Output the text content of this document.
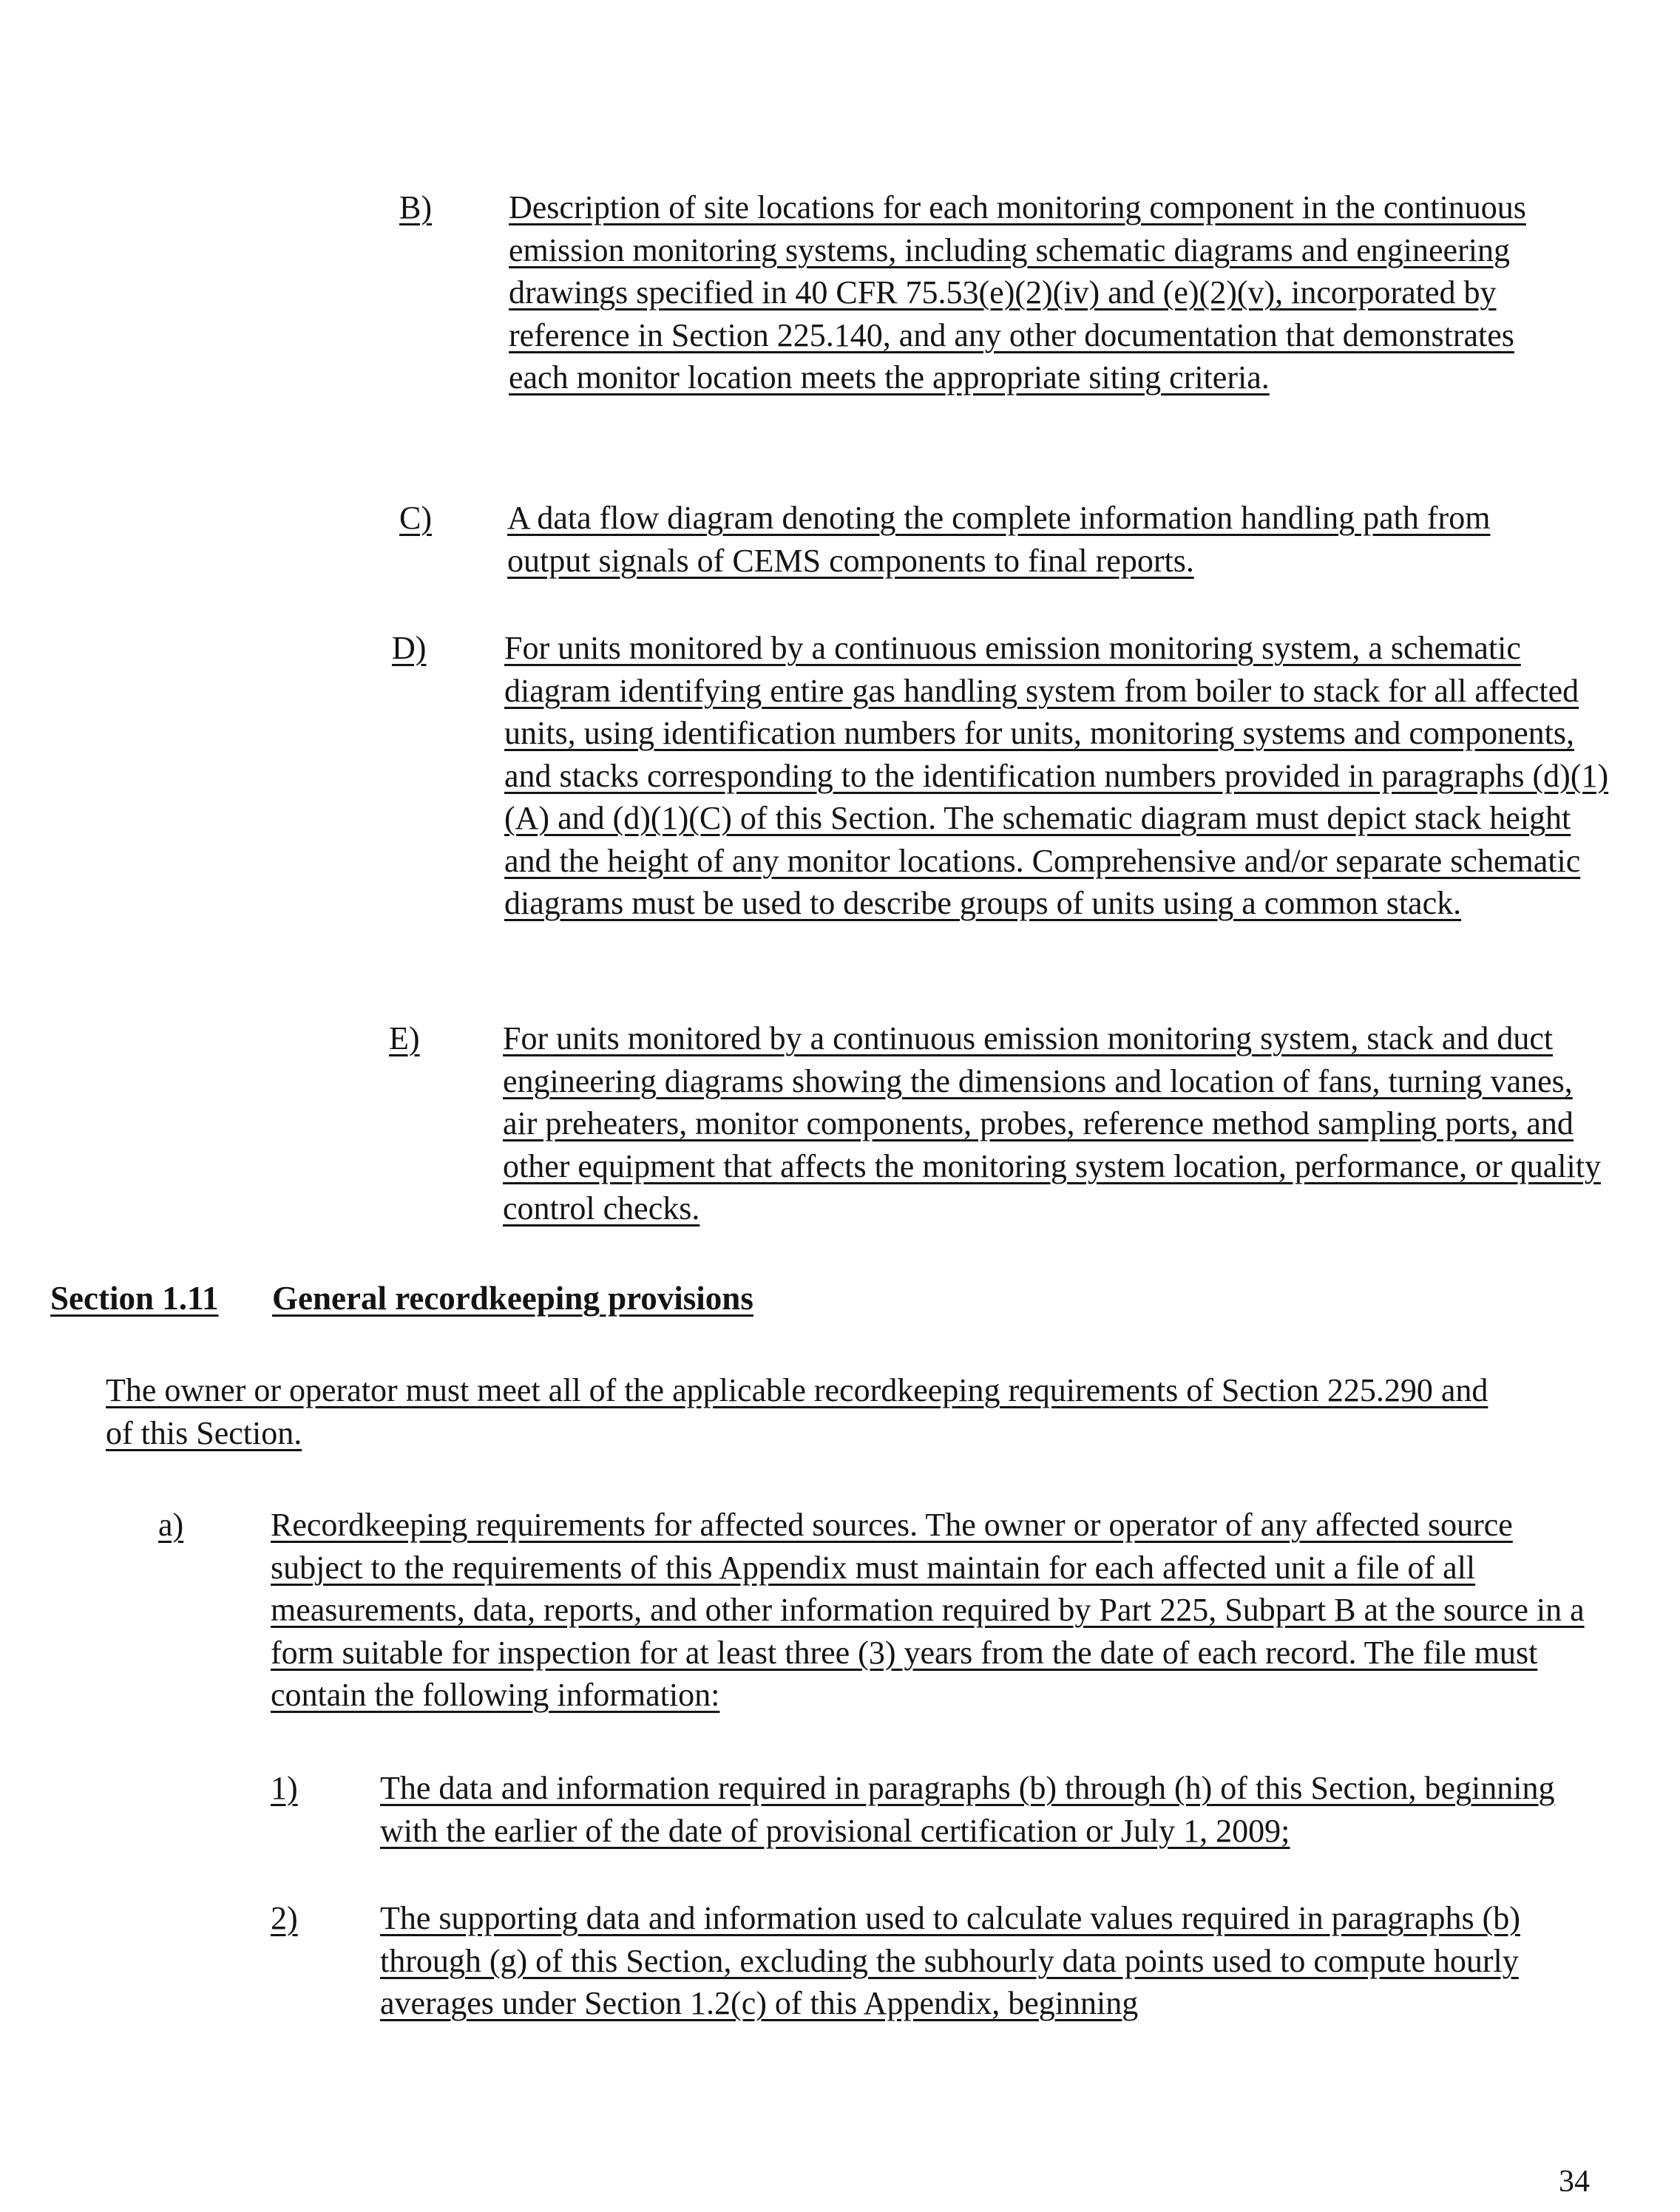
B)	Description of site locations for each monitoring component in the continuous emission monitoring systems, including schematic diagrams and engineering drawings specified in 40 CFR 75.53(e)(2)(iv) and (e)(2)(v), incorporated by reference in Section 225.140, and any other documentation that demonstrates each monitor location meets the appropriate siting criteria.
C)	A data flow diagram denoting the complete information handling path from output signals of CEMS components to final reports.
D)	For units monitored by a continuous emission monitoring system, a schematic diagram identifying entire gas handling system from boiler to stack for all affected units, using identification numbers for units, monitoring systems and components, and stacks corresponding to the identification numbers provided in paragraphs (d)(1)(A) and (d)(1)(C) of this Section. The schematic diagram must depict stack height and the height of any monitor locations. Comprehensive and/or separate schematic diagrams must be used to describe groups of units using a common stack.
E)	For units monitored by a continuous emission monitoring system, stack and duct engineering diagrams showing the dimensions and location of fans, turning vanes, air preheaters, monitor components, probes, reference method sampling ports, and other equipment that affects the monitoring system location, performance, or quality control checks.
Section 1.11	General recordkeeping provisions
The owner or operator must meet all of the applicable recordkeeping requirements of Section 225.290 and of this Section.
a)	Recordkeeping requirements for affected sources. The owner or operator of any affected source subject to the requirements of this Appendix must maintain for each affected unit a file of all measurements, data, reports, and other information required by Part 225, Subpart B at the source in a form suitable for inspection for at least three (3) years from the date of each record. The file must contain the following information:
1)	The data and information required in paragraphs (b) through (h) of this Section, beginning with the earlier of the date of provisional certification or July 1, 2009;
2)	The supporting data and information used to calculate values required in paragraphs (b) through (g) of this Section, excluding the subhourly data points used to compute hourly averages under Section 1.2(c) of this Appendix, beginning
34
